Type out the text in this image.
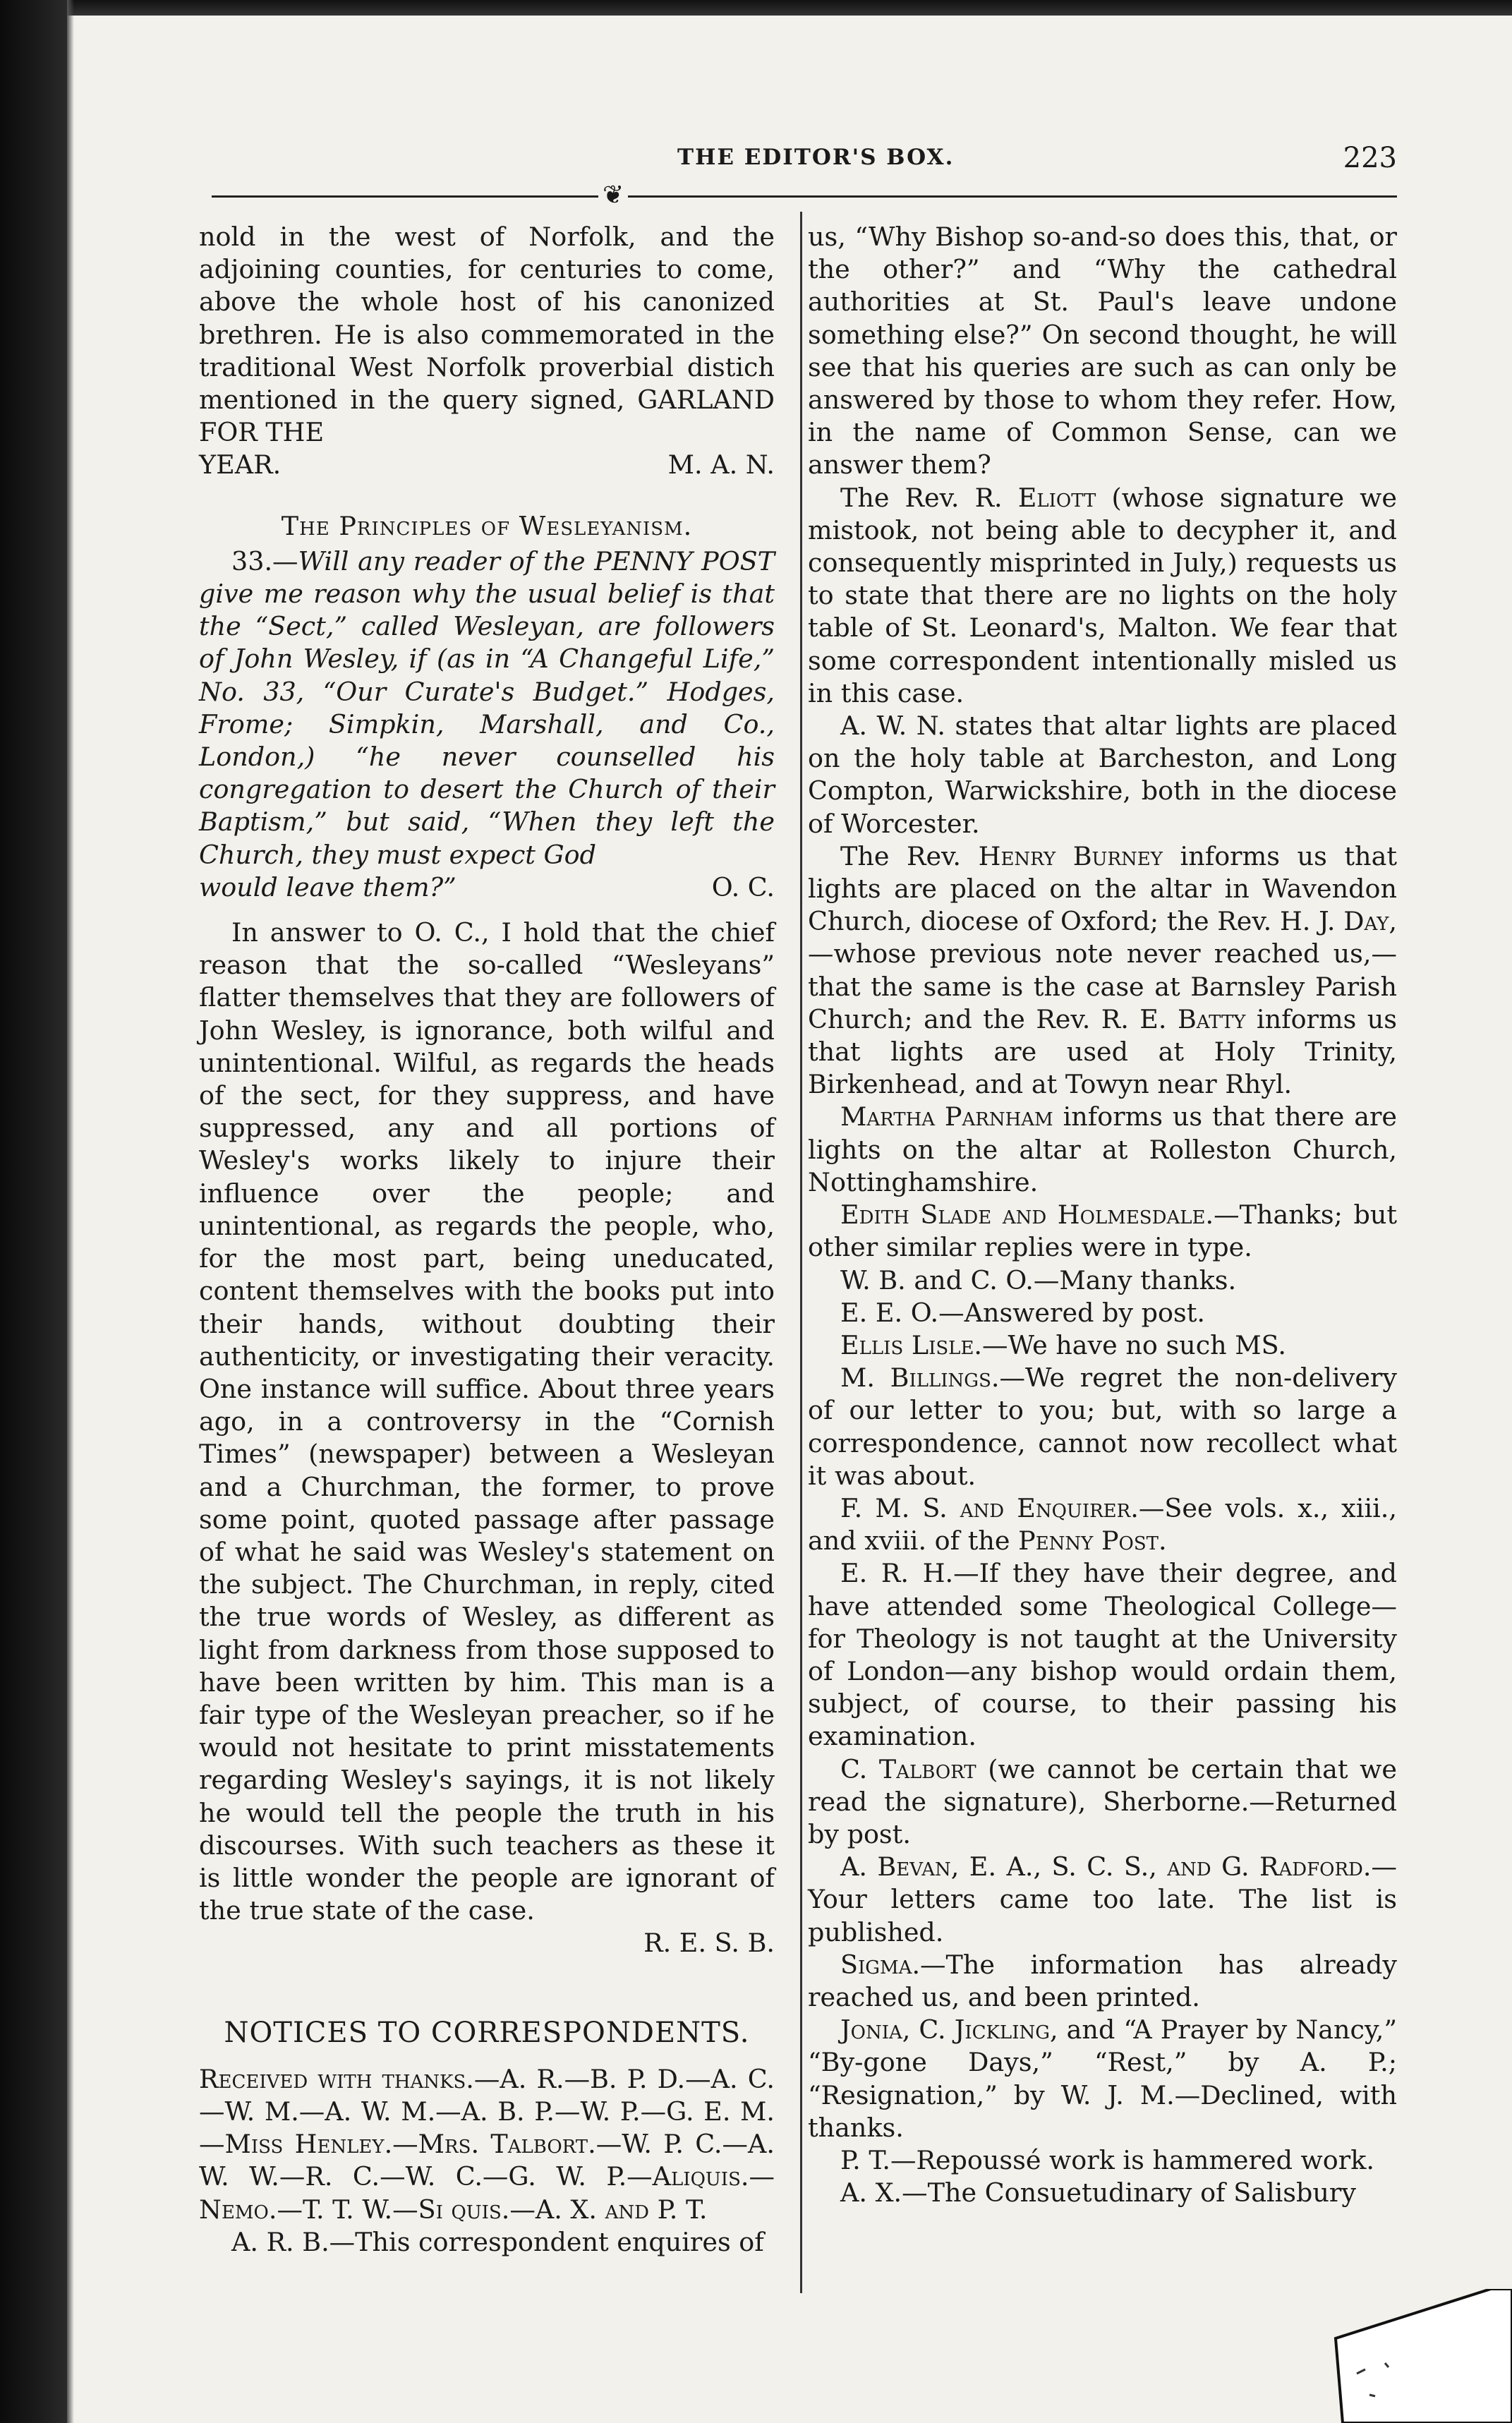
THE EDITOR'S BOX.	223
❦

nold in the west of Norfolk, and the adjoining counties, for centuries to come, above the whole host of his canonized brethren. He is also commemorated in the traditional West Norfolk proverbial distich mentioned in the query signed, GARLAND FOR THE

YEAR.	M. A. N.

The Principles of Wesleyanism.

33.—Will any reader of the PENNY POST give me reason why the usual belief is that the “Sect,” called Wesleyan, are followers of John Wesley, if (as in “A Changeful Life,” No. 33, “Our Curate's Budget.” Hodges, Frome; Simpkin, Marshall, and Co., London,) “he never counselled his congregation to desert the Church of their Baptism,” but said, “When they left the Church, they must expect God

would leave them?”	O. C.

In answer to O. C., I hold that the chief reason that the so-called “Wesleyans” flatter themselves that they are followers of John Wesley, is ignorance, both wilful and unintentional. Wilful, as regards the heads of the sect, for they suppress, and have suppressed, any and all portions of Wesley's works likely to injure their influence over the people; and unintentional, as regards the people, who, for the most part, being uneducated, content themselves with the books put into their hands, without doubting their authenticity, or investigating their veracity. One instance will suffice. About three years ago, in a controversy in the “Cornish Times” (newspaper) between a Wesleyan and a Churchman, the former, to prove some point, quoted passage after passage of what he said was Wesley's statement on the subject. The Churchman, in reply, cited the true words of Wesley, as different as light from darkness from those supposed to have been written by him. This man is a fair type of the Wesleyan preacher, so if he would not hesitate to print misstatements regarding Wesley's sayings, it is not likely he would tell the people the truth in his discourses. With such teachers as these it is little wonder the people are ignorant of the true state of the case.

R. E. S. B.

NOTICES TO CORRESPONDENTS.

Received with thanks.—A. R.—B. P. D.—A. C.—W. M.—A. W. M.—A. B. P.—W. P.—G. E. M.—Miss Henley.—Mrs. Talbort.—W. P. C.—A. W. W.—R. C.—W. C.—G. W. P.—Aliquis.—Nemo.—T. T. W.—Si quis.—A. X. and P. T.

A. R. B.—This correspondent enquires of

us, “Why Bishop so-and-so does this, that, or the other?” and “Why the cathedral authorities at St. Paul's leave undone something else?” On second thought, he will see that his queries are such as can only be answered by those to whom they refer. How, in the name of Common Sense, can we answer them?

The Rev. R. Eliott (whose signature we mistook, not being able to decypher it, and consequently misprinted in July,) requests us to state that there are no lights on the holy table of St. Leonard's, Malton. We fear that some correspondent intentionally misled us in this case.

A. W. N. states that altar lights are placed on the holy table at Barcheston, and Long Compton, Warwickshire, both in the diocese of Worcester.

The Rev. Henry Burney informs us that lights are placed on the altar in Wavendon Church, diocese of Oxford; the Rev. H. J. Day,—whose previous note never reached us,—that the same is the case at Barnsley Parish Church; and the Rev. R. E. Batty informs us that lights are used at Holy Trinity, Birkenhead, and at Towyn near Rhyl.

Martha Parnham informs us that there are lights on the altar at Rolleston Church, Nottinghamshire.

Edith Slade and Holmesdale.—Thanks; but other similar replies were in type.

W. B. and C. O.—Many thanks.

E. E. O.—Answered by post.

Ellis Lisle.—We have no such MS.

M. Billings.—We regret the non-delivery of our letter to you; but, with so large a correspondence, cannot now recollect what it was about.

F. M. S. and Enquirer.—See vols. x., xiii., and xviii. of the Penny Post.

E. R. H.—If they have their degree, and have attended some Theological College—for Theology is not taught at the University of London—any bishop would ordain them, subject, of course, to their passing his examination.

C. Talbort (we cannot be certain that we read the signature), Sherborne.—Returned by post.

A. Bevan, E. A., S. C. S., and G. Radford.—Your letters came too late. The list is published.

Sigma.—The information has already reached us, and been printed.

Jonia, C. Jickling, and “A Prayer by Nancy,” “By-gone Days,” “Rest,” by A. P.; “Resignation,” by W. J. M.—Declined, with thanks.

P. T.—Repoussé work is hammered work.

A. X.—The Consuetudinary of Salisbury
